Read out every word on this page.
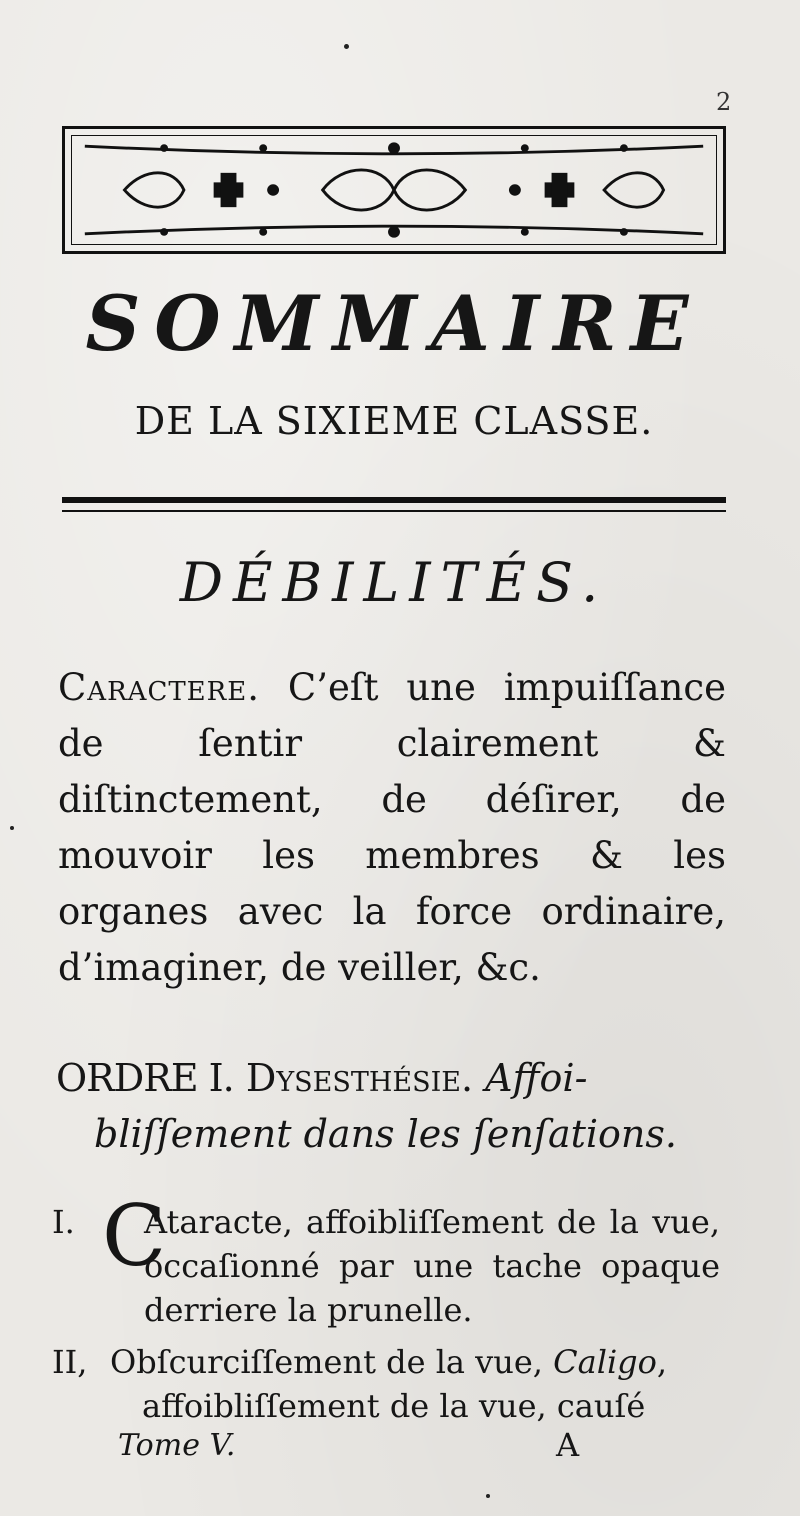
2
SOMMAIRE
DE LA SIXIEME CLASSE.
DÉBILITÉS.
Caractere. C’eſt une impuiſſance de ſentir clairement & diſtinctement, de déſirer, de mouvoir les membres & les organes avec la force ordinaire, d’imaginer, de veiller, &c.
ORDRE I. Dyseſthésie. Affoi-
bliſſement dans les ſenſations.
I. C
Ataracte, affoibliſſement de la vue, occaſionné par une tache opaque derriere la prunelle.
II, Obſcurciſſement de la vue, Caligo,
affoibliſſement de la vue, cauſé
Tome V.	A
